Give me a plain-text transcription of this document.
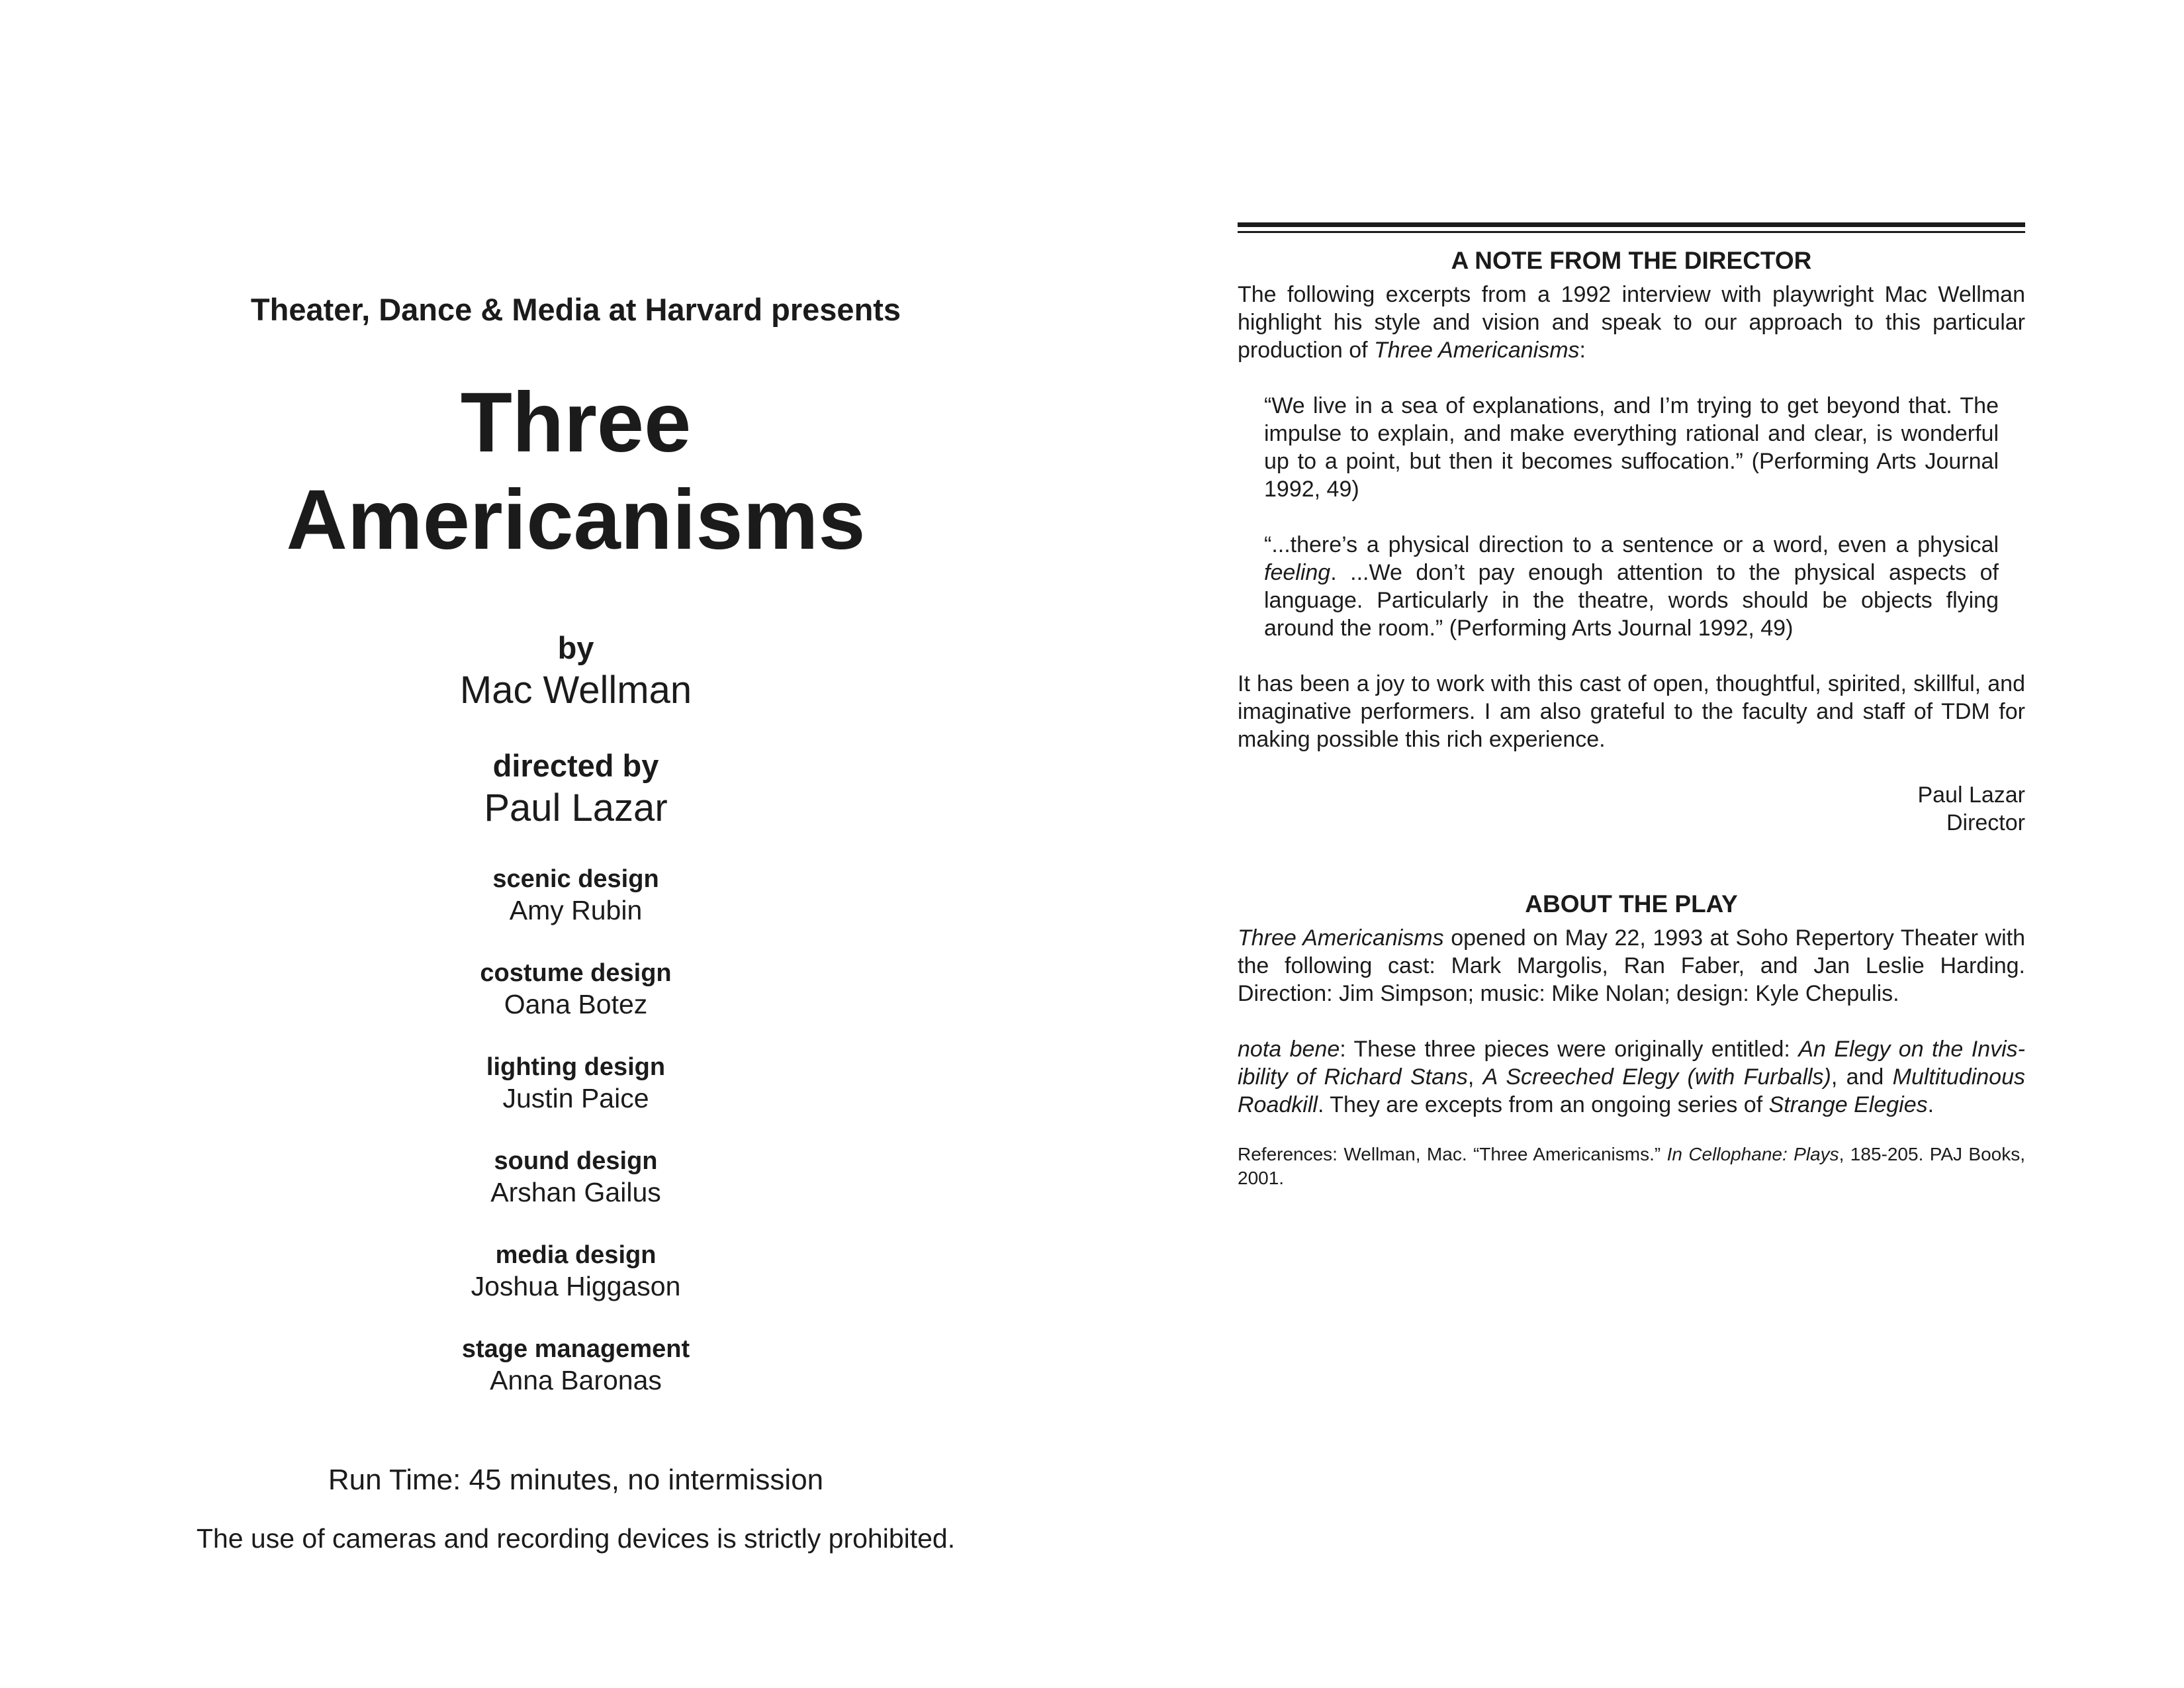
Theater, Dance & Media at Harvard presents

Three Americanisms
by
Mac Wellman
directed by
Paul Lazar
scenic design
Amy Rubin
costume design
Oana Botez
lighting design
Justin Paice
sound design
Arshan Gailus
media design
Joshua Higgason
stage management
Anna Baronas
Run Time: 45 minutes, no intermission
The use of cameras and recording devices is strictly prohibited.
A NOTE FROM THE DIRECTOR

The following excerpts from a 1992 interview with playwright Mac Wellman highlight his style and vision and speak to our approach to this particular production of Three Americanisms:

“We live in a sea of explanations, and I’m trying to get beyond that. The impulse to explain, and make everything rational and clear, is wonderful up to a point, but then it becomes suffocation.” (Performing Arts Journal 1992, 49)

“...there’s a physical direction to a sentence or a word, even a physical feeling. ...We don’t pay enough attention to the physical aspects of language. Particularly in the theatre, words should be objects flying around the room.” (Performing Arts Journal 1992, 49)

It has been a joy to work with this cast of open, thoughtful, spirited, skillful, and imaginative performers. I am also grateful to the faculty and staff of TDM for making possible this rich experience.

Paul Lazar
Director
ABOUT THE PLAY

Three Americanisms opened on May 22, 1993 at Soho Repertory Theater with the following cast: Mark Margolis, Ran Faber, and Jan Leslie Harding. Direction: Jim Simpson; music: Mike Nolan; design: Kyle Chepulis.

nota bene: These three pieces were originally entitled: An Elegy on the Invisibility of Richard Stans, A Screeched Elegy (with Furballs), and Multitudinous Roadkill. They are excepts from an ongoing series of Strange Elegies.

References: Wellman, Mac. “Three Americanisms.” In Cellophane: Plays, 185-205. PAJ Books, 2001.
